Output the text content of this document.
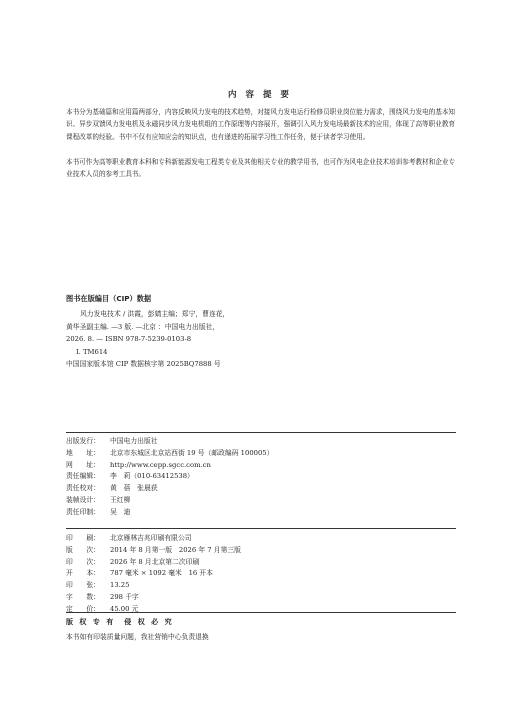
内 容 提 要

本书分为基础篇和应用篇两部分，内容反映风力发电的技术趋势，对接风力发电运行检修员职业岗位能力需求，围绕风力发电的基本知识、异步双馈风力发电机及永磁同步风力发电机组的工作原理等内容展开，强调引入风力发电场最新技术的应用，体现了高等职业教育课程改革的经验。书中不仅有应知应会的知识点，也有递进的拓展学习性工作任务，便于读者学习使用。

本书可作为高等职业教育本科和专科新能源发电工程类专业及其他相关专业的教学用书，也可作为风电企业技术培训参考教材和企业专业技术人员的参考工具书。

图书在版编目（CIP）数据

风力发电技术 / 洪霞，彭婧主编；郑宁，曹连花，
黄华圣副主编. —3 版. —北京 ：中国电力出版社，
2026. 8. — ISBN 978-7-5239-0103-8
Ⅰ. TM614
中国国家版本馆 CIP 数据核字第 2025BQ7888 号
出版发行：	中国电力出版社
地　　址：	北京市东城区北京站西街 19 号（邮政编码 100005）
网　　址：	http://www.cepp.sgcc.com.cn
责任编辑：	李　莉（010-63412538）
责任校对：	黄　蓓　张晨获
装帧设计：	王红柳
责任印制：	吴　迪
印　　刷：	北京雁林吉兆印刷有限公司
版　　次：	2014 年 8 月第一版　2026 年 7 月第三版
印　　次：	2026 年 8 月北京第二次印刷
开　　本：	787 毫米 × 1092 毫米　16 开本
印　　张：	13.25
字　　数：	298 千字
定　　价：	45.00 元
版 权 专 有　侵 权 必 究
本书如有印装质量问题，我社营销中心负责退换
